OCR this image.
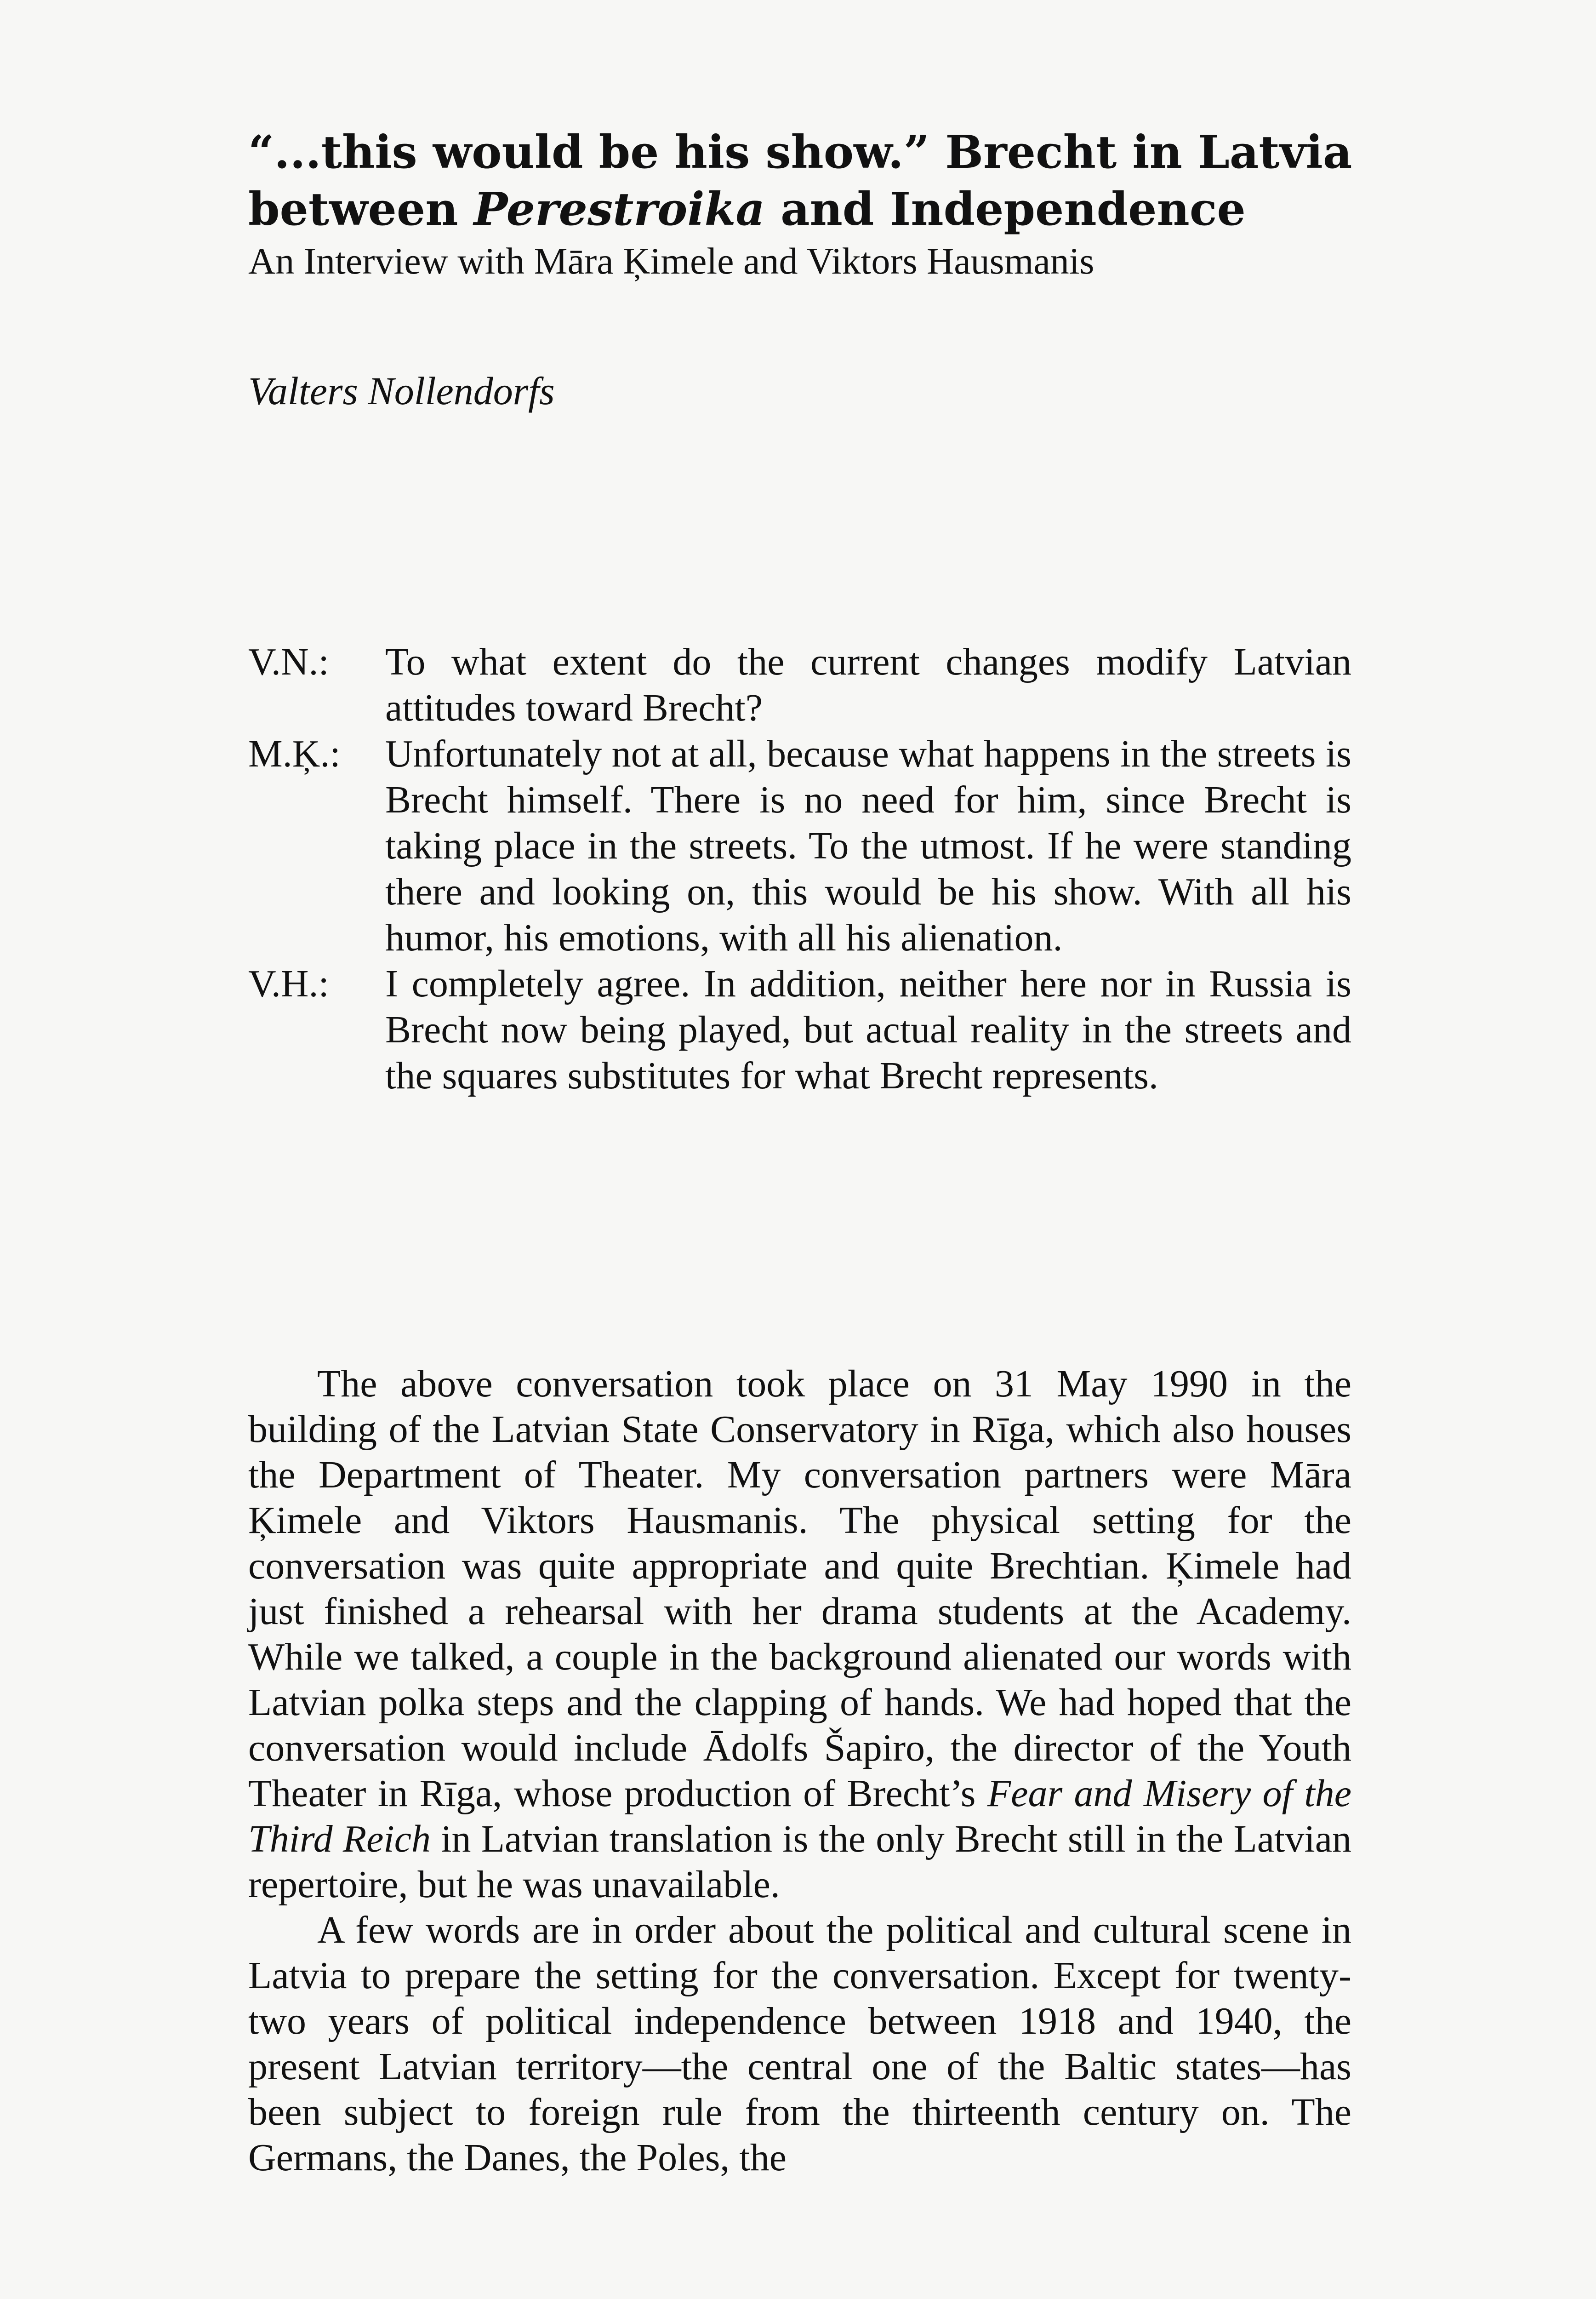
“...this would be his show.” Brecht in Latvia
between Perestroika and Independence

An Interview with Māra Ķimele and Viktors Hausmanis

Valters Nollendorfs

V.N.:	To what extent do the current changes modify Latvian attitudes toward Brecht?
M.Ķ.:	Unfortunately not at all, because what happens in the streets is Brecht himself. There is no need for him, since Brecht is taking place in the streets. To the utmost. If he were standing there and looking on, this would be his show. With all his humor, his emotions, with all his alienation.
V.H.:	I completely agree. In addition, neither here nor in Russia is Brecht now being played, but actual reality in the streets and the squares substitutes for what Brecht represents.

The above conversation took place on 31 May 1990 in the building of the Latvian State Conservatory in Rīga, which also houses the Department of Theater. My conversation partners were Māra Ķimele and Viktors Hausmanis. The physical setting for the conversation was quite appropriate and quite Brechtian. Ķimele had just finished a rehearsal with her drama students at the Academy. While we talked, a couple in the background alienated our words with Latvian polka steps and the clapping of hands. We had hoped that the conversation would include Ādolfs Šapiro, the director of the Youth Theater in Rīga, whose production of Brecht’s Fear and Misery of the Third Reich in Latvian translation is the only Brecht still in the Latvian repertoire, but he was unavailable.

A few words are in order about the political and cultural scene in Latvia to prepare the setting for the conversation. Except for twenty-two years of political independence between 1918 and 1940, the present Latvian territory—the central one of the Baltic states—has been subject to foreign rule from the thirteenth century on. The Germans, the Danes, the Poles, the
